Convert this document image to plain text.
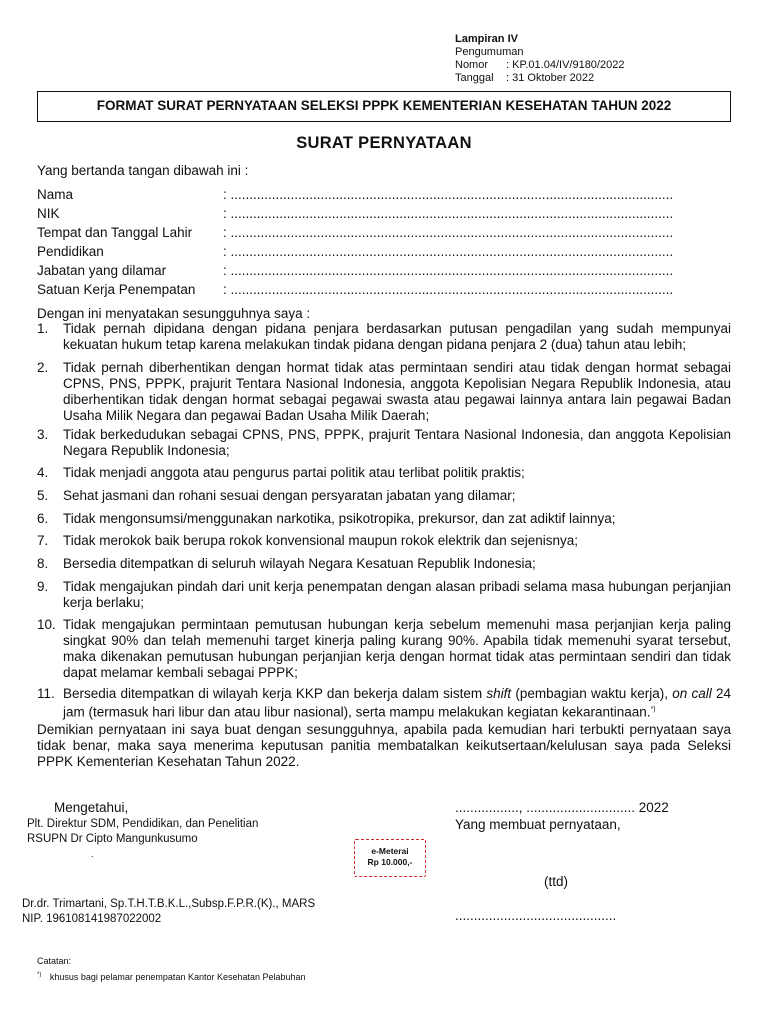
Lampiran IV
Pengumuman
Nomor	: KP.01.04/IV/9180/2022
Tanggal	: 31 Oktober 2022
FORMAT SURAT PERNYATAAN SELEKSI PPPK KEMENTERIAN KESEHATAN TAHUN 2022
SURAT PERNYATAAN
Yang bertanda tangan dibawah ini :
Nama	: ......................................................................................................................
NIK	: ......................................................................................................................
Tempat dan Tanggal Lahir : ......................................................................................................................
Pendidikan	: ......................................................................................................................
Jabatan yang dilamar	: ......................................................................................................................
Satuan Kerja Penempatan : ......................................................................................................................
Dengan ini menyatakan sesungguhnya saya :
1.	Tidak pernah dipidana dengan pidana penjara berdasarkan putusan pengadilan yang sudah mempunyai kekuatan hukum tetap karena melakukan tindak pidana dengan pidana penjara 2 (dua) tahun atau lebih;
2.	Tidak pernah diberhentikan dengan hormat tidak atas permintaan sendiri atau tidak dengan hormat sebagai CPNS, PNS, PPPK, prajurit Tentara Nasional Indonesia, anggota Kepolisian Negara Republik Indonesia, atau diberhentikan tidak dengan hormat sebagai pegawai swasta atau pegawai lainnya antara lain pegawai Badan Usaha Milik Negara dan pegawai Badan Usaha Milik Daerah;
3.	Tidak berkedudukan sebagai CPNS, PNS, PPPK, prajurit Tentara Nasional Indonesia, dan anggota Kepolisian Negara Republik Indonesia;
4.	Tidak menjadi anggota atau pengurus partai politik atau terlibat politik praktis;
5.	Sehat jasmani dan rohani sesuai dengan persyaratan jabatan yang dilamar;
6.	Tidak mengonsumsi/menggunakan narkotika, psikotropika, prekursor, dan zat adiktif lainnya;
7.	Tidak merokok baik berupa rokok konvensional maupun rokok elektrik dan sejenisnya;
8.	Bersedia ditempatkan di seluruh wilayah Negara Kesatuan Republik Indonesia;
9.	Tidak mengajukan pindah dari unit kerja penempatan dengan alasan pribadi selama masa hubungan perjanjian kerja berlaku;
10. Tidak mengajukan permintaan pemutusan hubungan kerja sebelum memenuhi masa perjanjian kerja paling singkat 90% dan telah memenuhi target kinerja paling kurang 90%. Apabila tidak memenuhi syarat tersebut, maka dikenakan pemutusan hubungan perjanjian kerja dengan hormat tidak atas permintaan sendiri dan tidak dapat melamar kembali sebagai PPPK;
11. Bersedia ditempatkan di wilayah kerja KKP dan bekerja dalam sistem shift (pembagian waktu kerja), on call 24 jam (termasuk hari libur dan atau libur nasional), serta mampu melakukan kegiatan kekarantinaan.*)
Demikian pernyataan ini saya buat dengan sesungguhnya, apabila pada kemudian hari terbukti pernyataan saya tidak benar, maka saya menerima keputusan panitia membatalkan keikutsertaan/kelulusan saya pada Seleksi PPPK Kementerian Kesehatan Tahun 2022.
Mengetahui,
Plt. Direktur SDM, Pendidikan, dan Penelitian
RSUPN Dr Cipto Mangunkusumo
.
Dr.dr. Trimartani, Sp.T.H.T.B.K.L.,Subsp.F.P.R.(K)., MARS
NIP. 196108141987022002
e-Meterai
Rp 10.000,-
................., ............................. 2022
Yang membuat pernyataan,
(ttd)
...........................................
Catatan:
*) khusus bagi pelamar penempatan Kantor Kesehatan Pelabuhan
